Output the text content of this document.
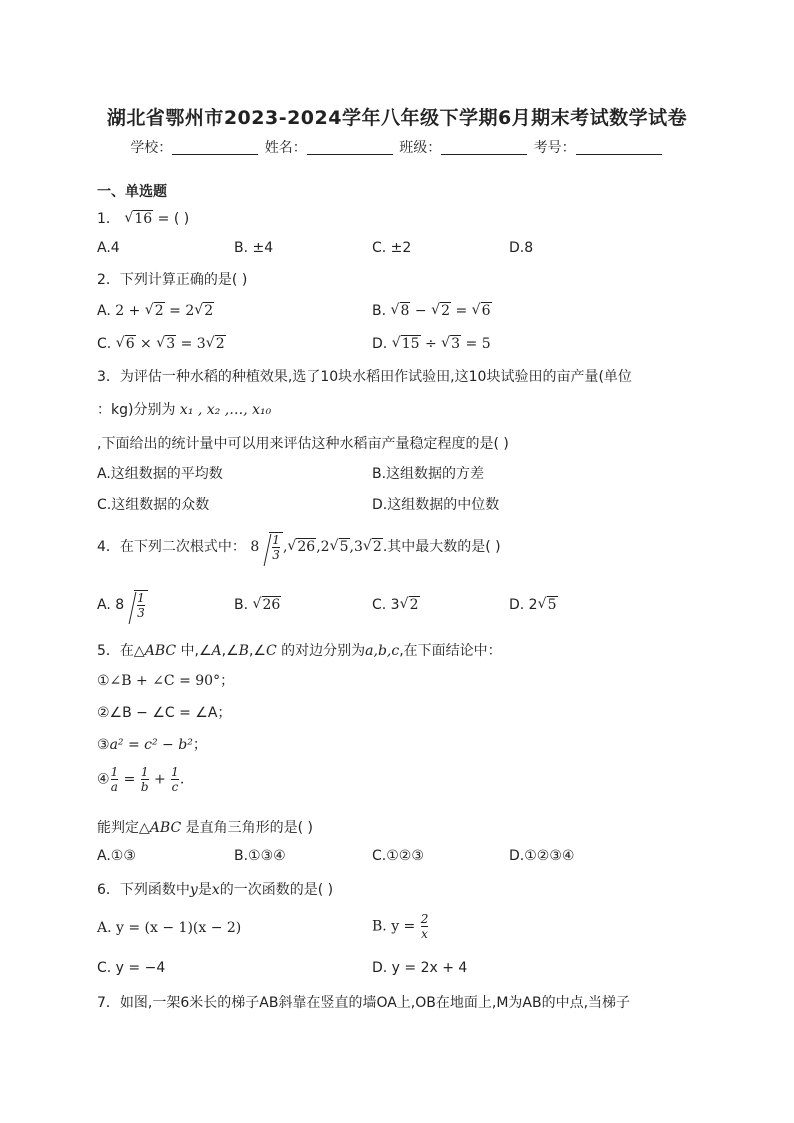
湖北省鄂州市2023-2024学年八年级下学期6月期末考试数学试卷
学校：	姓名：	班级：	考号：
一、单选题
1． √ 16 = ( )
A.4	B. ±4	C. ±2	D.8
2．下列计算正确的是( )
A. 2 + √ 2 = 2 √ 2	B. √ 8 − √ 2 = √ 6
C. √ 6 × √ 3 = 3 √ 2	D. √ 15 ÷ √ 3 = 5
3．为评估一种水稻的种植效果,选了10块水稻田作试验田,这10块试验田的亩产量(单位
：kg)分别为 x₁ , x₂ ,…, x₁₀
,下面给出的统计量中可以用来评估这种水稻亩产量稳定程度的是( )
A.这组数据的平均数	B.这组数据的方差
C.这组数据的众数	D.这组数据的中位数
4．在下列二次根式中： $8 \frac{1}{3}$ , √ 26,2 √ 5,3 √ 2.其中最大数的是( )
A. $8 \frac{1}{3}$	B. √ 26	C. 3 √ 2	D. 2 √ 5
5．在△ABC 中,∠A,∠B,∠C 的对边分别为a,b,c,在下面结论中：
①∠B + ∠C = 90°；
②∠B − ∠C = ∠A；
③a² = c² − b²；
④ $\frac{1}{a} = \frac{1}{b} + \frac{1}{c}$ .
能判定△ABC 是直角三角形的是( )
A.①③	B.①③④	C.①②③	D.①②③④
6．下列函数中y是x的一次函数的是( )
A. y = (x − 1)(x − 2)	B. $y = \frac{2}{x}$
C. y = −4	D. y = 2x + 4
7．如图,一架6米长的梯子AB斜靠在竖直的墙OA上,OB在地面上,M为AB的中点,当梯子
